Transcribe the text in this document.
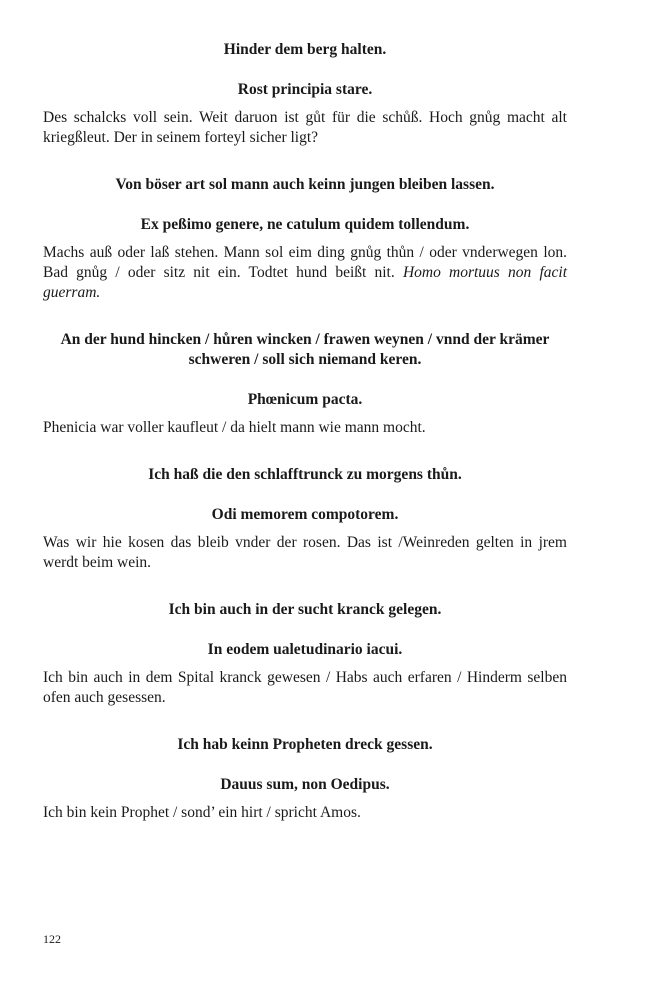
Hinder dem berg halten.

Rost principia stare.

Des schalcks voll sein. Weit daruon ist gůt für die schůß. Hoch gnůg macht alt kriegßleut. Der in seinem forteyl sicher ligt?

Von böser art sol mann auch keinn jungen bleiben lassen.

Ex peßimo genere, ne catulum quidem tollendum.

Machs auß oder laß stehen. Mann sol eim ding gnůg thůn / oder vnderwegen lon. Bad gnůg / oder sitz nit ein. Todtet hund beißt nit. Homo mortuus non facit guerram.

An der hund hincken / hůren wincken / frawen weynen / vnnd der krämer schweren / soll sich niemand keren.

Phœnicum pacta.

Phenicia war voller kaufleut / da hielt mann wie mann mocht.

Ich haß die den schlafftrunck zu morgens thůn.

Odi memorem compotorem.

Was wir hie kosen das bleib vnder der rosen. Das ist /Weinreden gelten in jrem werdt beim wein.

Ich bin auch in der sucht kranck gelegen.

In eodem ualetudinario iacui.

Ich bin auch in dem Spital kranck gewesen / Habs auch erfaren / Hinderm selben ofen auch gesessen.

Ich hab keinn Propheten dreck gessen.

Dauus sum, non Oedipus.

Ich bin kein Prophet / sond’ ein hirt / spricht Amos.

122
